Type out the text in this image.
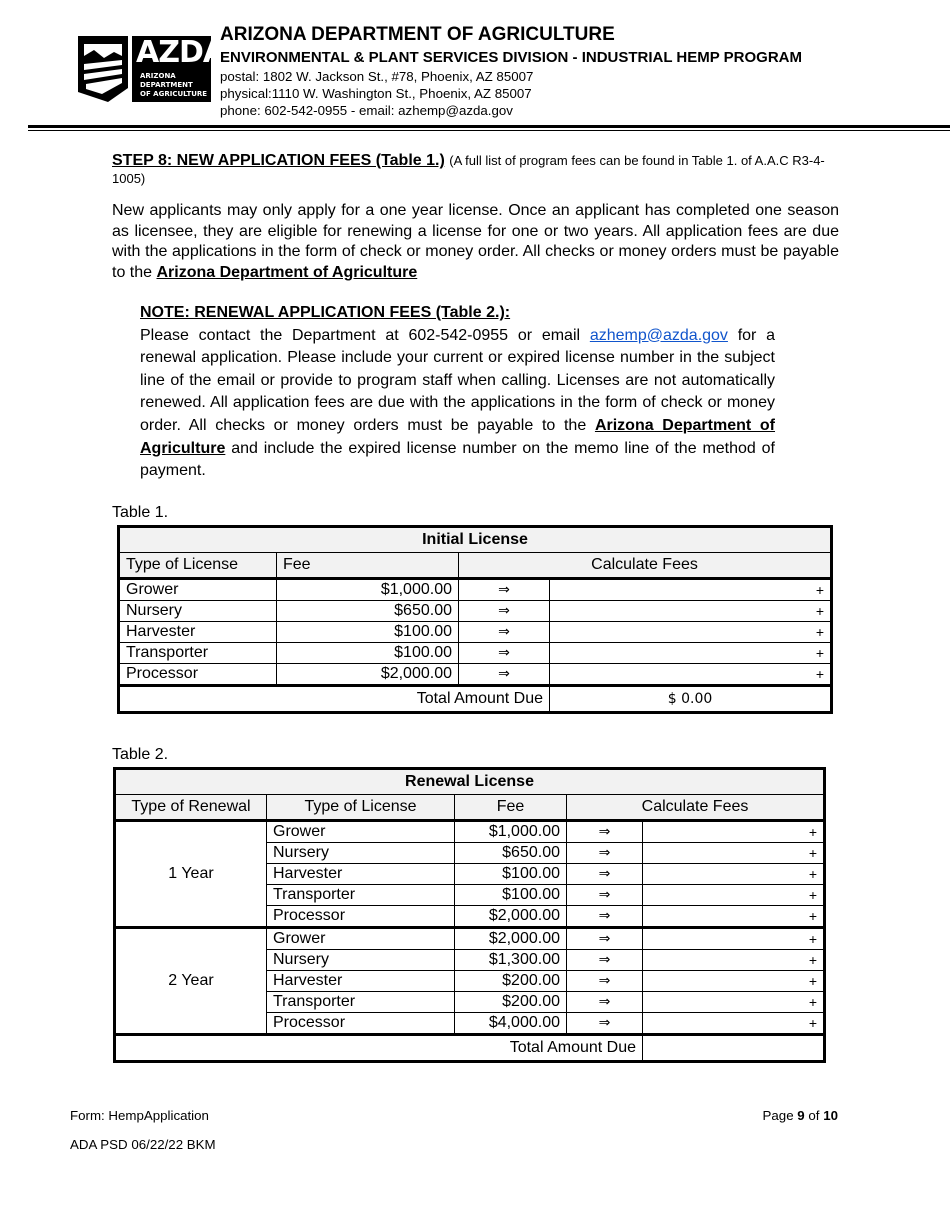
AZDA
ARIZONA
DEPARTMENT
OF AGRICULTURE
ARIZONA DEPARTMENT OF AGRICULTURE
ENVIRONMENTAL & PLANT SERVICES DIVISION - INDUSTRIAL HEMP PROGRAM
postal: 1802 W. Jackson St., #78, Phoenix, AZ 85007
physical:1110 W. Washington St., Phoenix, AZ 85007
phone: 602-542-0955 - email: azhemp@azda.gov
STEP 8: NEW APPLICATION FEES (Table 1.) (A full list of program fees can be found in Table 1. of A.A.C R3-4-1005)
New applicants may only apply for a one year license. Once an applicant has completed one season as licensee, they are eligible for renewing a license for one or two years. All application fees are due with the applications in the form of check or money order. All checks or money orders must be payable to the Arizona Department of Agriculture
NOTE: RENEWAL APPLICATION FEES (Table 2.):
Please contact the Department at 602-542-0955 or email azhemp@azda.gov for a renewal application. Please include your current or expired license number in the subject line of the email or provide to program staff when calling. Licenses are not automatically renewed. All application fees are due with the applications in the form of check or money order. All checks or money orders must be payable to the Arizona Department of Agriculture and include the expired license number on the memo line of the method of payment.
Table 1.
Initial License			
Type of License	Fee	Calculate Fees	
Grower	$1,000.00	⇒	+
Nursery	$650.00	⇒	+
Harvester	$100.00	⇒	+
Transporter	$100.00	⇒	+
Processor	$2,000.00	⇒	+
Total Amount Due			$ 0.00
Table 2.
Renewal License				
Type of Renewal	Type of License	Fee	Calculate Fees	
1 Year	Grower	$1,000.00	⇒	+
	Nursery	$650.00	⇒	+
	Harvester	$100.00	⇒	+
	Transporter	$100.00	⇒	+
	Processor	$2,000.00	⇒	+
2 Year	Grower	$2,000.00	⇒	+
	Nursery	$1,300.00	⇒	+
	Harvester	$200.00	⇒	+
	Transporter	$200.00	⇒	+
	Processor	$4,000.00	⇒	+
Total Amount Due				
Form: HempApplication	Page 9 of 10
ADA PSD 06/22/22 BKM
